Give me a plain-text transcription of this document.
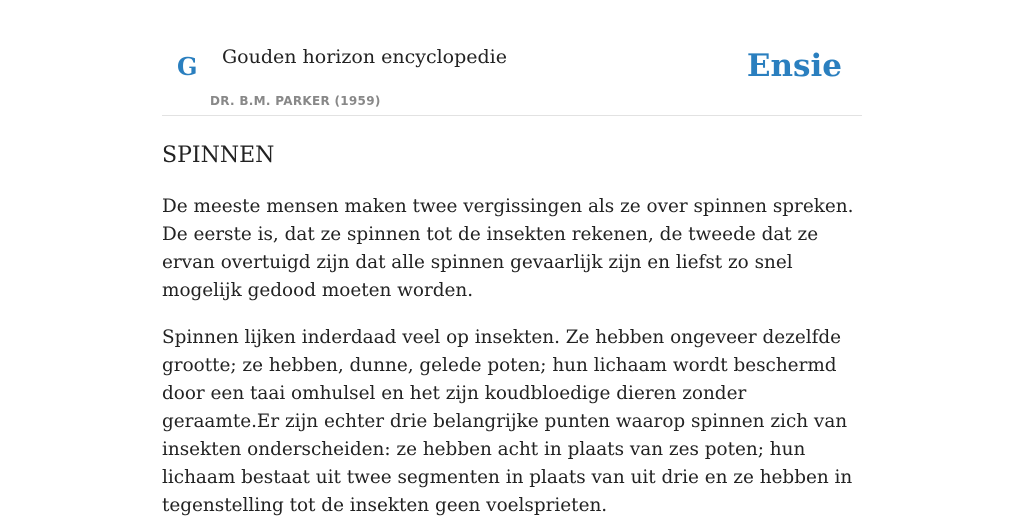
G Gouden horizon encyclopedie
DR. B.M. PARKER (1959)
Ensie
SPINNEN

De meeste mensen maken twee vergissingen als ze over spinnen spreken. De eerste is, dat ze spinnen tot de insekten rekenen, de tweede dat ze ervan overtuigd zijn dat alle spinnen gevaarlijk zijn en liefst zo snel mogelijk gedood moeten worden.

Spinnen lijken inderdaad veel op insekten. Ze hebben ongeveer dezelfde grootte; ze hebben, dunne, gelede poten; hun lichaam wordt beschermd door een taai omhulsel en het zijn koudbloedige dieren zonder geraamte.Er zijn echter drie belangrijke punten waarop spinnen zich van insekten onderscheiden: ze hebben acht in plaats van zes poten; hun lichaam bestaat uit twee segmenten in plaats van uit drie en ze hebben in tegenstelling tot de insekten geen voelsprieten.
